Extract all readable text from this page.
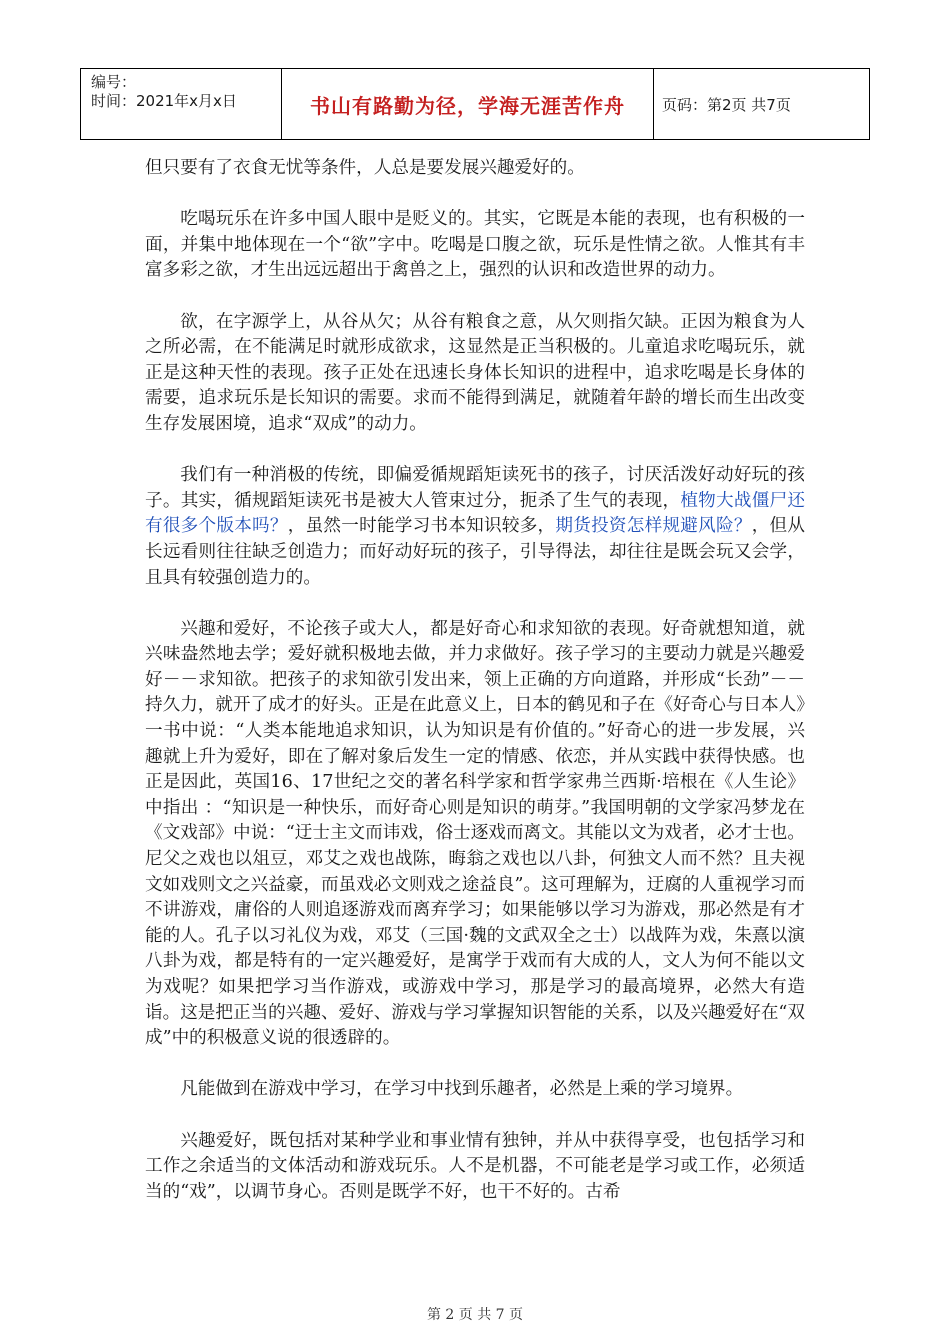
编号：
时间：2021年x月x日	书山有路勤为径，学海无涯苦作舟	页码：第2页 共7页

但只要有了衣食无忧等条件，人总是要发展兴趣爱好的。

吃喝玩乐在许多中国人眼中是贬义的。其实，它既是本能的表现，也有积极的一面，并集中地体现在一个“欲”字中。吃喝是口腹之欲，玩乐是性情之欲。人惟其有丰富多彩之欲，才生出远远超出于禽兽之上，强烈的认识和改造世界的动力。

欲，在字源学上，从谷从欠；从谷有粮食之意，从欠则指欠缺。正因为粮食为人之所必需，在不能满足时就形成欲求，这显然是正当积极的。儿童追求吃喝玩乐，就正是这种天性的表现。孩子正处在迅速长身体长知识的进程中，追求吃喝是长身体的需要，追求玩乐是长知识的需要。求而不能得到满足，就随着年龄的增长而生出改变生存发展困境，追求“双成”的动力。

我们有一种消极的传统，即偏爱循规蹈矩读死书的孩子，讨厌活泼好动好玩的孩子。其实，循规蹈矩读死书是被大人管束过分，扼杀了生气的表现，植物大战僵尸还有很多个版本吗？，虽然一时能学习书本知识较多，期货投资怎样规避风险？，但从长远看则往往缺乏创造力；而好动好玩的孩子，引导得法，却往往是既会玩又会学，且具有较强创造力的。

兴趣和爱好，不论孩子或大人，都是好奇心和求知欲的表现。好奇就想知道，就兴味盎然地去学；爱好就积极地去做，并力求做好。孩子学习的主要动力就是兴趣爱好－－求知欲。把孩子的求知欲引发出来，领上正确的方向道路，并形成“长劲”－－持久力，就开了成才的好头。正是在此意义上，日本的鹤见和子在《好奇心与日本人》一书中说：“人类本能地追求知识，认为知识是有价值的。”好奇心的进一步发展，兴趣就上升为爱好，即在了解对象后发生一定的情感、依恋，并从实践中获得快感。也正是因此，英国16、17世纪之交的著名科学家和哲学家弗兰西斯·培根在《人生论》中指出 ：“知识是一种快乐，而好奇心则是知识的萌芽。”我国明朝的文学家冯梦龙在《文戏部》中说：“迂士主文而讳戏，俗士逐戏而离文。其能以文为戏者，必才士也。尼父之戏也以俎豆，邓艾之戏也战陈，晦翁之戏也以八卦，何独文人而不然？且夫视文如戏则文之兴益豪，而虽戏必文则戏之途益良”。这可理解为，迂腐的人重视学习而不讲游戏，庸俗的人则追逐游戏而离弃学习；如果能够以学习为游戏，那必然是有才能的人。孔子以习礼仪为戏，邓艾（三国·魏的文武双全之士）以战阵为戏，朱熹以演八卦为戏，都是特有的一定兴趣爱好，是寓学于戏而有大成的人，文人为何不能以文为戏呢？如果把学习当作游戏，或游戏中学习，那是学习的最高境界，必然大有造诣。这是把正当的兴趣、爱好、游戏与学习掌握知识智能的关系，以及兴趣爱好在“双成”中的积极意义说的很透辟的。

凡能做到在游戏中学习，在学习中找到乐趣者，必然是上乘的学习境界。

兴趣爱好，既包括对某种学业和事业情有独钟，并从中获得享受，也包括学习和工作之余适当的文体活动和游戏玩乐。人不是机器，不可能老是学习或工作，必须适当的“戏”，以调节身心。否则是既学不好，也干不好的。古希

第 2 页 共 7 页
